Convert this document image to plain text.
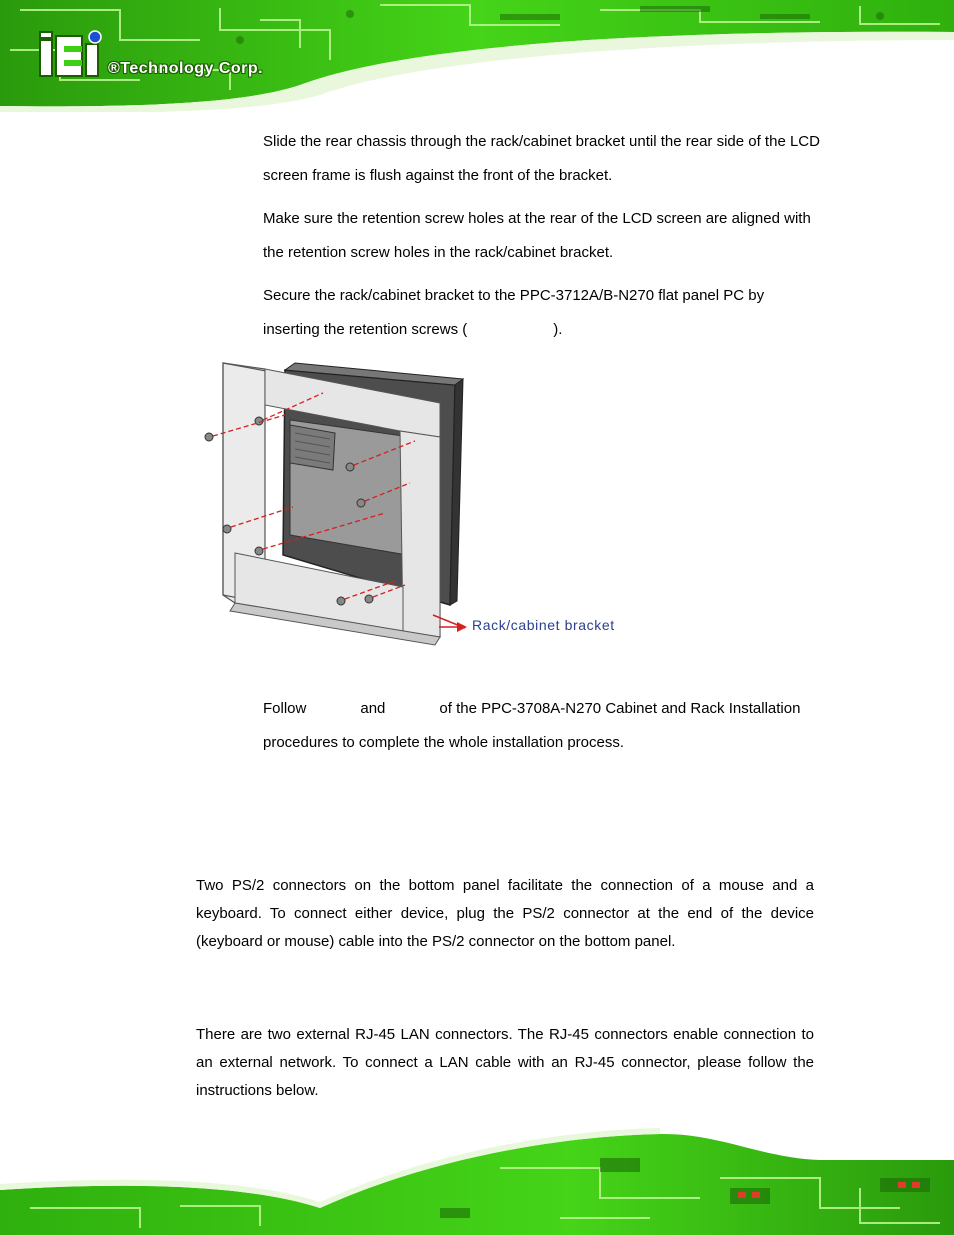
®Technology Corp.

Slide the rear chassis through the rack/cabinet bracket until the rear side of the LCD screen frame is flush against the front of the bracket.

Make sure the retention screw holes at the rear of the LCD screen are aligned with the retention screw holes in the rack/cabinet bracket.

Secure the rack/cabinet bracket to the PPC-3712A/B-N270 flat panel PC by inserting the retention screws (	).

Rack/cabinet bracket

Follow	and	of the PPC-3708A-N270 Cabinet and Rack Installation procedures to complete the whole installation process.

Two PS/2 connectors on the bottom panel facilitate the connection of a mouse and a keyboard. To connect either device, plug the PS/2 connector at the end of the device (keyboard or mouse) cable into the PS/2 connector on the bottom panel.

There are two external RJ-45 LAN connectors. The RJ-45 connectors enable connection to an external network. To connect a LAN cable with an RJ-45 connector, please follow the instructions below.
